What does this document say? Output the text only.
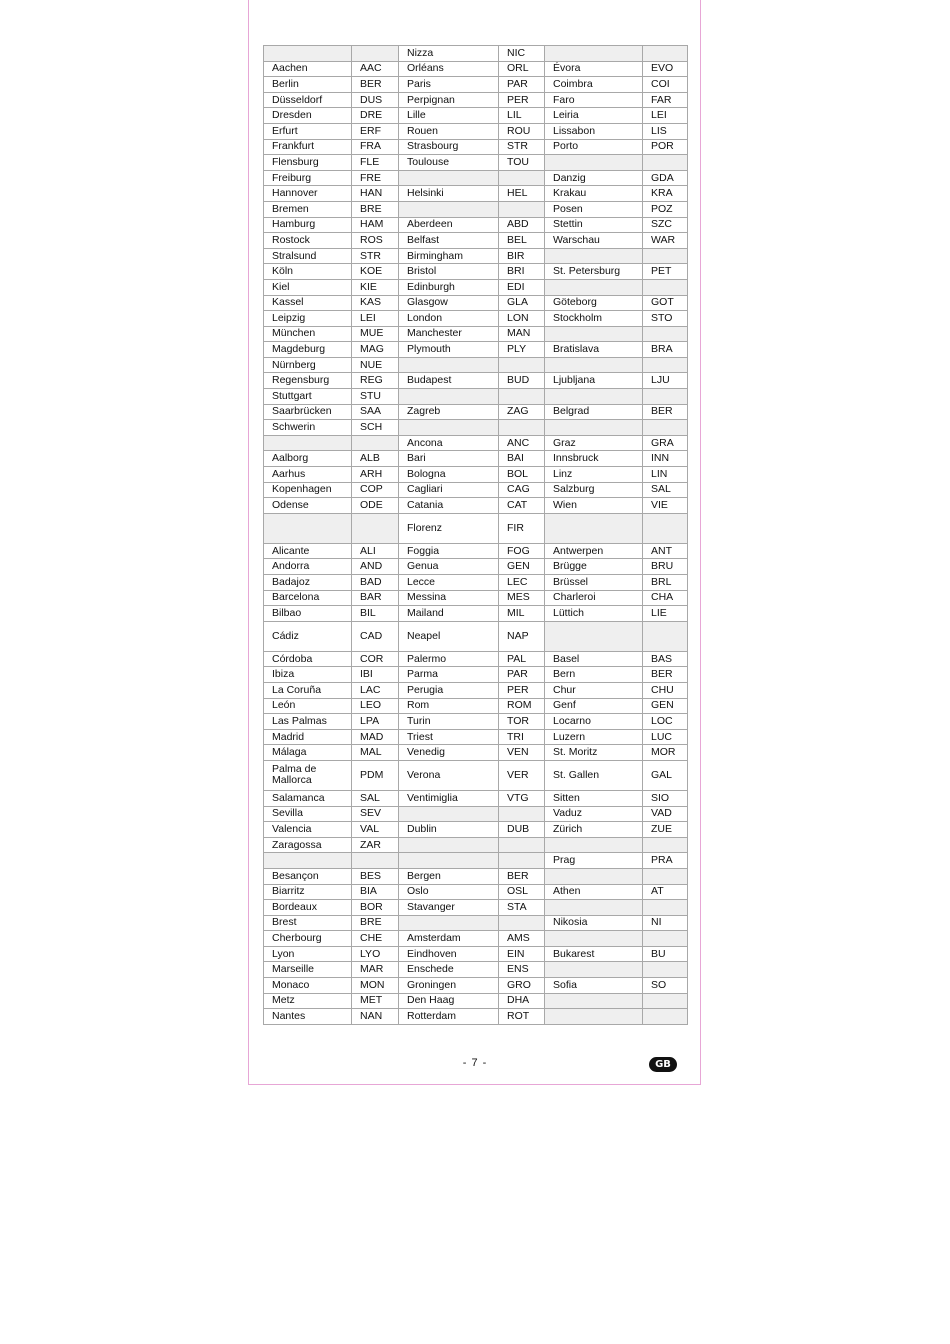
		Nizza	NIC		
Aachen	AAC	Orléans	ORL	Évora	EVO
Berlin	BER	Paris	PAR	Coimbra	COI
Düsseldorf	DUS	Perpignan	PER	Faro	FAR
Dresden	DRE	Lille	LIL	Leiria	LEI
Erfurt	ERF	Rouen	ROU	Lissabon	LIS
Frankfurt	FRA	Strasbourg	STR	Porto	POR
Flensburg	FLE	Toulouse	TOU		
Freiburg	FRE			Danzig	GDA
Hannover	HAN	Helsinki	HEL	Krakau	KRA
Bremen	BRE			Posen	POZ
Hamburg	HAM	Aberdeen	ABD	Stettin	SZC
Rostock	ROS	Belfast	BEL	Warschau	WAR
Stralsund	STR	Birmingham	BIR		
Köln	KOE	Bristol	BRI	St. Petersburg	PET
Kiel	KIE	Edinburgh	EDI		
Kassel	KAS	Glasgow	GLA	Göteborg	GOT
Leipzig	LEI	London	LON	Stockholm	STO
München	MUE	Manchester	MAN		
Magdeburg	MAG	Plymouth	PLY	Bratislava	BRA
Nürnberg	NUE				
Regensburg	REG	Budapest	BUD	Ljubljana	LJU
Stuttgart	STU				
Saarbrücken	SAA	Zagreb	ZAG	Belgrad	BER
Schwerin	SCH				
		Ancona	ANC	Graz	GRA
Aalborg	ALB	Bari	BAI	Innsbruck	INN
Aarhus	ARH	Bologna	BOL	Linz	LIN
Kopenhagen	COP	Cagliari	CAG	Salzburg	SAL
Odense	ODE	Catania	CAT	Wien	VIE
		Florenz	FIR		
Alicante	ALI	Foggia	FOG	Antwerpen	ANT
Andorra	AND	Genua	GEN	Brügge	BRU
Badajoz	BAD	Lecce	LEC	Brüssel	BRL
Barcelona	BAR	Messina	MES	Charleroi	CHA
Bilbao	BIL	Mailand	MIL	Lüttich	LIE
Cádiz	CAD	Neapel	NAP		
Córdoba	COR	Palermo	PAL	Basel	BAS
Ibiza	IBI	Parma	PAR	Bern	BER
La Coruña	LAC	Perugia	PER	Chur	CHU
León	LEO	Rom	ROM	Genf	GEN
Las Palmas	LPA	Turin	TOR	Locarno	LOC
Madrid	MAD	Triest	TRI	Luzern	LUC
Málaga	MAL	Venedig	VEN	St. Moritz	MOR
Palma de Mallorca	PDM	Verona	VER	St. Gallen	GAL
Salamanca	SAL	Ventimiglia	VTG	Sitten	SIO
Sevilla	SEV			Vaduz	VAD
Valencia	VAL	Dublin	DUB	Zürich	ZUE
Zaragossa	ZAR				
				Prag	PRA
Besançon	BES	Bergen	BER		
Biarritz	BIA	Oslo	OSL	Athen	AT
Bordeaux	BOR	Stavanger	STA		
Brest	BRE			Nikosia	NI
Cherbourg	CHE	Amsterdam	AMS		
Lyon	LYO	Eindhoven	EIN	Bukarest	BU
Marseille	MAR	Enschede	ENS		
Monaco	MON	Groningen	GRO	Sofia	SO
Metz	MET	Den Haag	DHA		
Nantes	NAN	Rotterdam	ROT		
- 7 -	GB
